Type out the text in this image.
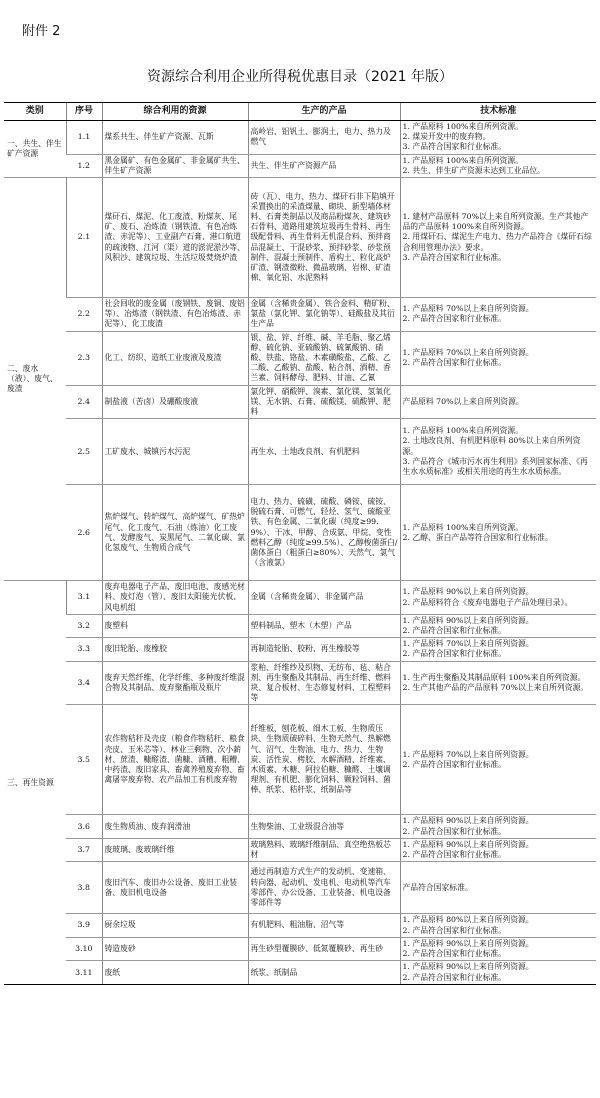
附件 2
资源综合利用企业所得税优惠目录（2021 年版）
类别	序号	综合利用的资源	生产的产品	技术标准
一、共生、伴生矿产资源	1.1	煤系共生、伴生矿产资源、瓦斯	高岭岩、铝钒土、膨润土，电力、热力及燃气	1. 产品原料 100%来自所列资源。
2. 煤炭开发中的废弃物。
3. 产品符合国家和行业标准。
	1.2	黑金属矿、有色金属矿、非金属矿共生、伴生矿产资源	共生、伴生矿产资源产品	1. 产品原料 100%来自所列资源。
2. 共生、伴生矿产资源未达到工业品位。
二、废水（液）、废气、废渣	2.1	煤矸石、煤泥、化工废渣、粉煤灰、尾矿、废石、冶炼渣（钢铁渣、有色冶炼渣、赤泥等）、工业副产石膏、港口航道的疏浚物、江河（渠）道的淤泥淤沙等、风积沙、建筑垃圾、生活垃圾焚烧炉渣	砖（瓦）、电力、热力、煤矸石非下陷填开采置换出的采渣煤量、砌块、新型墙体材料、石膏类制品以及商品粉煤灰、建筑砂石骨料、道路用建筑垃圾再生骨料、再生级配骨料、再生骨料无机混合料、预拌商品混凝土、干混砂浆、预拌砂浆、砂浆预制件、混凝土预制件、盾构土、粒化高炉矿渣、钢渣微粉、微晶玻璃、岩棉、矿渣棉、氧化铝、水泥熟料	1. 建材产品原料 70%以上来自所列资源。生产其他产品的产品原料 100%来自所列资源。
2. 用煤矸石、煤泥生产电力、热力产品符合《煤矸石综合利用管理办法》要求。
3. 产品符合国家和行业标准。
	2.2	社会回收的废金属（废钢铁、废铜、废铝等）、冶炼渣（钢铁渣、有色冶炼渣、赤泥等）、化工废渣	金属（含稀贵金属）、铁合金料、精矿粉、氯盐（氯化钾、氯化钠等）、硅酸盐及其衍生产品	1. 产品原料 70%以上来自所列资源。
2. 产品符合国家和行业标准。
	2.3	化工、纺织、造纸工业废液及废渣	银、盐、锌、纤维、碱、羊毛脂、聚乙烯醇、硫化钠、亚硫酸钠、硫氰酸钠、硝酸、铁盐、铬盐、木素磺酸盐、乙酸、乙二酸、乙酸钠、盐酸、粘合剂、酒精、香兰素、饲料酵母、肥料、甘油、乙氰	1. 产品原料 70%以上来自所列资源。
2. 产品符合国家和行业标准。
	2.4	制盐液（苦卤）及硼酸废液	氯化钾、硝酸钾、溴素、氯化镁、氢氧化镁、无水钠、石膏、硫酸镁、硫酸钾、肥料	产品原料 70%以上来自所列资源。
	2.5	工矿废水、城镇污水污泥	再生水、土地改良剂、有机肥料	1. 产品原料 100%来自所列资源。
2. 土地改良剂、有机肥料原料 80%以上来自所列资源。
3. 产品符合《城市污水再生利用》系列国家标准、《再生水水质标准》或相关用途的再生水水质标准。
	2.6	焦炉煤气、转炉煤气、高炉煤气、矿热炉尾气、化工废气、石油（炼油）化工废气、发酵废气、炭黑尾气、二氧化碳、氯化氢废气、生物质合成气	电力、热力、硫磺、硫酸、磷铵、硫铵、脱硫石膏、可燃气、轻烃、氢气、硫酸亚铁、有色金属、二氧化碳（纯度≥99.9%）、干冰、甲醇、合成氨、甲烷、变性燃料乙醇（纯度≥99.5%）、乙醇梭菌蛋白/菌体蛋白（粗蛋白≥80%）、天然气、氯气（含液氯）	1. 产品原料 100%来自所列资源。
2. 乙醇、蛋白产品等符合国家和行业标准。
三、再生资源	3.1	废弃电器电子产品、废旧电池、废感光材料、废灯泡（管）、废旧太阳能光伏板、风电机组	金属（含稀贵金属）、非金属产品	1. 产品原料 90%以上来自所列资源。
2. 产品原料符合《废弃电器电子产品处理目录》。
	3.2	废塑料	塑料制品、塑木（木塑）产品	1. 产品原料 90%以上来自所列资源。
2. 产品符合国家和行业标准。
	3.3	废旧轮胎、废橡胶	再制造轮胎、胶粉、再生橡胶等	1. 产品原料 70%以上来自所列资源。
2. 产品符合国家和行业标准。
	3.4	废弃天然纤维、化学纤维、多种废纤维混合物及其制品、废弃聚酯瓶及瓶片	浆粕、纤维纱及织物、无纺布、毡、粘合剂、再生聚酯及其制品、再生纤维、燃料块、复合板材、生态修复材料、工程塑料等	1. 生产再生聚酯及其制品原料 100%来自所列资源。
2. 生产其他产品的产品原料 70%以上来自所列资源。
	3.5	农作物秸秆及壳皮（粮食作物秸秆、粮食壳皮、玉米芯等）、林业三剩物、次小薪材、蔗渣、糠醛渣、菌糠、酒糟、粗糟、中药渣、废旧家具、畜禽养殖废弃物、畜禽屠宰废弃物、农产品加工有机废弃物	纤维板、刨花板、细木工板、生物质压块、生物质破碎料、生物天然气、热解燃气、沼气、生物油、电力、热力、生物炭、活性炭、栲胶、水解酒精、纤维素、木质素、木糖、阿拉伯糖、糠醛、土壤调理剂、有机肥、膨化饲料、颗粒饲料、菌棒、纸浆、秸秆浆、纸制品等	1. 产品原料 70%以上来自所列资源。
2. 产品符合国家和行业标准。
	3.6	废生物质油、废弃润滑油	生物柴油、工业级混合油等	1. 产品原料 90%以上来自所列资源。
2. 产品符合国家和行业标准。
	3.7	废玻璃、废玻璃纤维	玻璃熟料、玻璃纤维制品、真空绝热板芯材	1. 产品原料 90%以上来自所列资源。
2. 产品符合国家和行业标准。
	3.8	废旧汽车、废旧办公设备、废旧工业装备、废旧机电设备	通过再制造方式生产的发动机、变速箱、转向器、起动机、发电机、电动机等汽车零部件、办公设备、工业装备、机电设备零部件等	产品符合国家标准。
	3.9	厨余垃圾	有机肥料、粗油脂、沼气等	1. 产品原料 80%以上来自所列资源。
2. 产品符合国家和行业标准。
	3.10	铸造废砂	再生砂型覆膜砂、低氮覆膜砂、再生砂	1. 产品原料 90%以上来自所列资源。
2. 产品符合国家和行业标准。
	3.11	废纸	纸浆、纸制品	1. 产品原料 90%以上来自所列资源。
2. 产品符合国家和行业标准。
